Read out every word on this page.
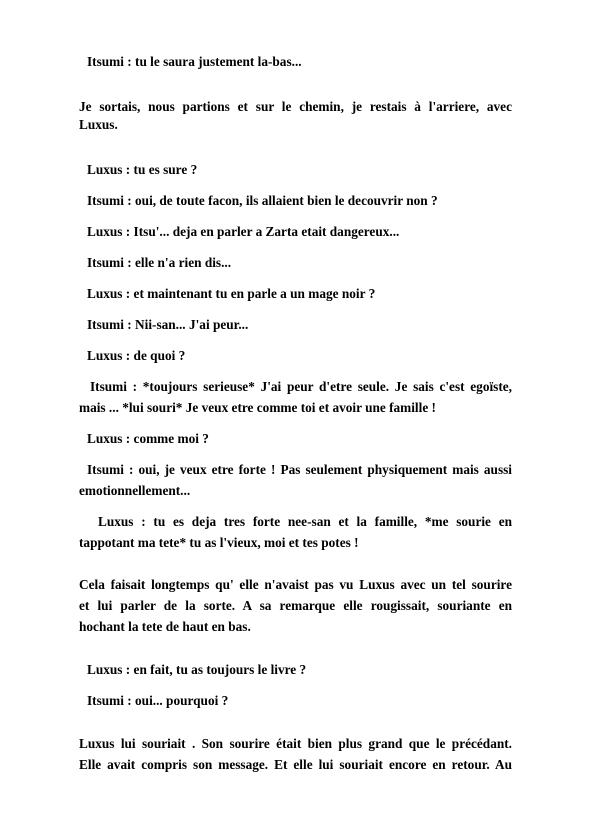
Itsumi : tu le saura justement la-bas...
Je sortais, nous partions et sur le chemin, je restais à l'arriere, avec
Luxus.
Luxus : tu es sure ?
Itsumi : oui, de toute facon, ils allaient bien le decouvrir non ?
Luxus : Itsu'... deja en parler a Zarta etait dangereux...
Itsumi : elle n'a rien dis...
Luxus : et maintenant tu en parle a un mage noir ?
Itsumi : Nii-san... J'ai peur...
Luxus : de quoi ?
Itsumi : *toujours serieuse* J'ai peur d'etre seule. Je sais c'est egoïste,
mais ... *lui souri* Je veux etre comme toi et avoir une famille !
Luxus : comme moi ?
Itsumi : oui, je veux etre forte ! Pas seulement physiquement mais aussi
emotionnellement...
Luxus : tu es deja tres forte nee-san et la famille, *me sourie en
tappotant ma tete* tu as l'vieux, moi et tes potes !
Cela faisait longtemps qu' elle n'avaist pas vu Luxus avec un tel sourire
et lui parler de la sorte. A sa remarque elle rougissait, souriante en
hochant la tete de haut en bas.
Luxus : en fait, tu as toujours le livre ?
Itsumi : oui... pourquoi ?
Luxus lui souriait . Son sourire était bien plus grand que le précédant.
Elle avait compris son message. Et elle lui souriait encore en retour. Au
